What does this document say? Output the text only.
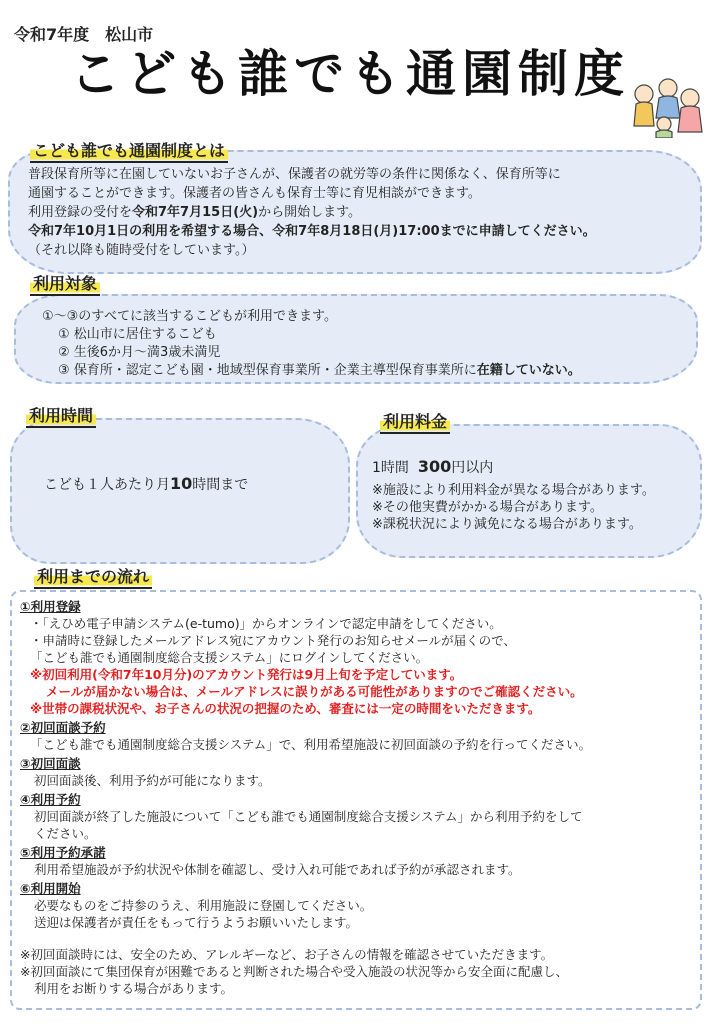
令和7年度　松山市
こども誰でも通園制度
こども誰でも通園制度とは
普段保育所等に在園していないお子さんが、保護者の就労等の条件に関係なく、保育所等に
通園することができます。保護者の皆さんも保育士等に育児相談ができます。
利用登録の受付を令和7年7月15日(火)から開始します。
令和7年10月1日の利用を希望する場合、令和7年8月18日(月)17:00までに申請してください。
（それ以降も随時受付をしています。）
利用対象
①～③のすべてに該当するこどもが利用できます。
① 松山市に居住するこども
② 生後6か月～満3歳未満児
③ 保育所・認定こども園・地域型保育事業所・企業主導型保育事業所に在籍していない。
利用時間
こども１人あたり月10時間まで
利用料金
1時間 300円以内
※施設により利用料金が異なる場合があります。
※その他実費がかかる場合があります。
※課税状況により減免になる場合があります。
利用までの流れ
①利用登録
・「えひめ電子申請システム(e-tumo)」からオンラインで認定申請をしてください。
・申請時に登録したメールアドレス宛にアカウント発行のお知らせメールが届くので、
「こども誰でも通園制度総合支援システム」にログインしてください。
※初回利用(令和7年10月分)のアカウント発行は9月上旬を予定しています。
メールが届かない場合は、メールアドレスに誤りがある可能性がありますのでご確認ください。
※世帯の課税状況や、お子さんの状況の把握のため、審査には一定の時間をいただきます。
②初回面談予約
「こども誰でも通園制度総合支援システム」で、利用希望施設に初回面談の予約を行ってください。
③初回面談
初回面談後、利用予約が可能になります。
④利用予約
初回面談が終了した施設について「こども誰でも通園制度総合支援システム」から利用予約をして
ください。
⑤利用予約承諾
利用希望施設が予約状況や体制を確認し、受け入れ可能であれば予約が承認されます。
⑥利用開始
必要なものをご持参のうえ、利用施設に登園してください。
送迎は保護者が責任をもって行うようお願いいたします。
※初回面談時には、安全のため、アレルギーなど、お子さんの情報を確認させていただきます。
※初回面談にて集団保育が困難であると判断された場合や受入施設の状況等から安全面に配慮し、
利用をお断りする場合があります。
